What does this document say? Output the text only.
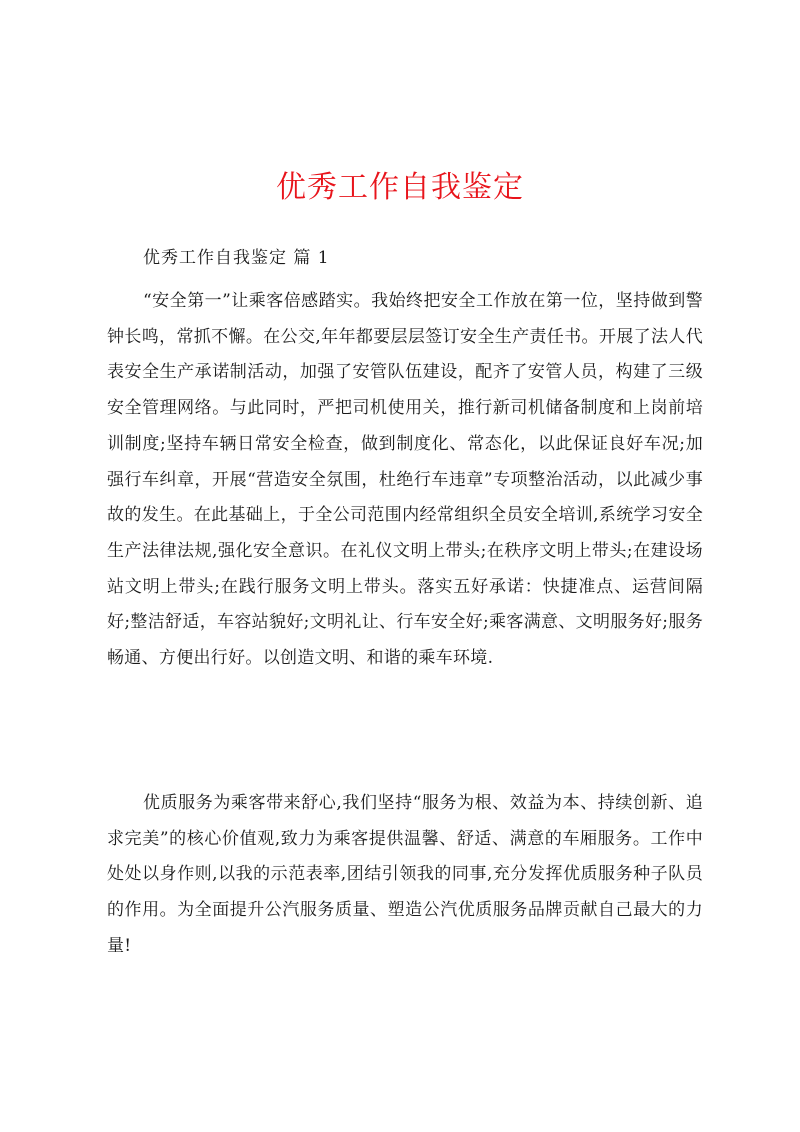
优秀工作自我鉴定

优秀工作自我鉴定 篇 1

“安全第一”让乘客倍感踏实。我始终把安全工作放在第一位，坚持做到警钟长鸣，常抓不懈。在公交,年年都要层层签订安全生产责任书。开展了法人代表安全生产承诺制活动，加强了安管队伍建设，配齐了安管人员，构建了三级安全管理网络。与此同时，严把司机使用关，推行新司机储备制度和上岗前培训制度;坚持车辆日常安全检查，做到制度化、常态化，以此保证良好车况;加强行车纠章，开展“营造安全氛围，杜绝行车违章”专项整治活动，以此减少事故的发生。在此基础上，于全公司范围内经常组织全员安全培训,系统学习安全生产法律法规,强化安全意识。在礼仪文明上带头;在秩序文明上带头;在建设场站文明上带头;在践行服务文明上带头。落实五好承诺：快捷准点、运营间隔好;整洁舒适，车容站貌好;文明礼让、行车安全好;乘客满意、文明服务好;服务畅通、方便出行好。以创造文明、和谐的乘车环境.

优质服务为乘客带来舒心,我们坚持“服务为根、效益为本、持续创新、追求完美”的核心价值观,致力为乘客提供温馨、舒适、满意的车厢服务。工作中处处以身作则,以我的示范表率,团结引领我的同事,充分发挥优质服务种子队员的作用。为全面提升公汽服务质量、塑造公汽优质服务品牌贡献自己最大的力量!
